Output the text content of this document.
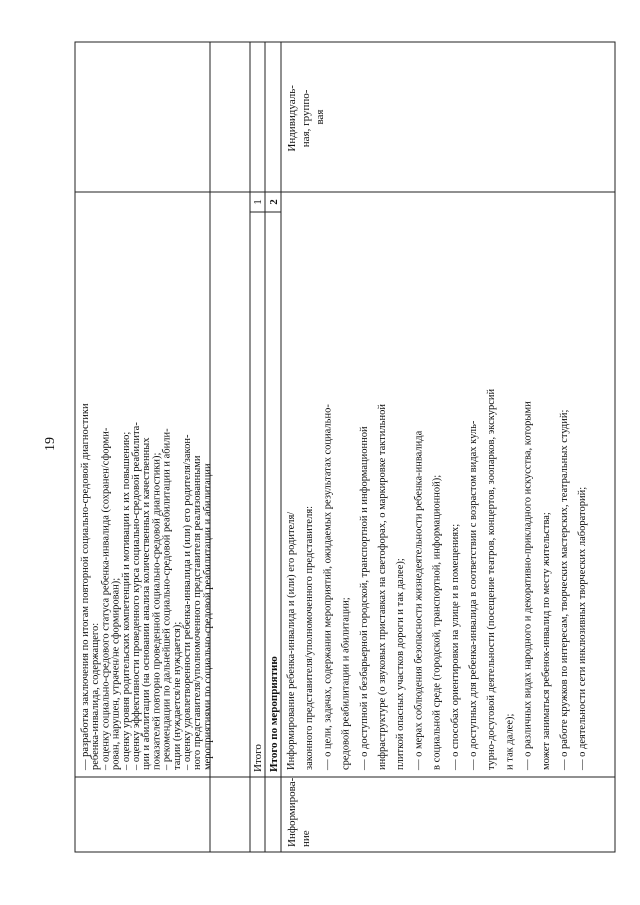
19 — разработка заключения по итогам повторной социально-средовой диагностики ребенка-инвалида, содержащего: – оценку социально-средового статуса ребенка-инвалида (сохранен/сформи- рован, нарушен, утрачен/не сформирован); – оценку уровня родительских компетенций и мотивации к их повышению; – оценку эффективности проведенного курса социально-средовой реабилита- ции и абилитации (на основании анализа количественных и качественных показателей повторно проведенной социально-средовой диагностики); – рекомендации по дальнейшей социально-средовой реабилитации и абили- тации (нуждается/не нуждается); – оценку удовлетворенности ребенка-инвалида и (или) его родителя/закон- ного представителя/уполномоченного представителя реализованными мероприятиями по социально-средовой реабилитации и абилитации	Информирование ребенка-инвалида и (или) его родителя/ законного представителя/уполномоченного представителя: — о цели, задачах, содержании мероприятий, ожидаемых результатах социально- средовой реабилитации и абилитации; — о доступной и безбарьерной городской, транспортной и информационной инфраструктуре (о звуковых приставках на светофорах, о маркировке тактильной плиткой опасных участков дороги и так далее); — о мерах соблюдения безопасности жизнедеятельности ребенка-инвалида в социальной среде (городской, транспортной, информационной); — о способах ориентировки на улице и в помещениях; — о доступных для ребенка-инвалида в соответствии с возрастом видах куль- турно-досуговой деятельности (посещение театров, концертов, зоопарков, экскурсий и так далее); — о различных видах народного и декоративно-прикладного искусства, которыми может заниматься ребенок-инвалид по месту жительства; — о работе кружков по интересам, творческих мастерских, театральных студий; — о деятельности сети инклюзивных творческих лабораторий;
Итого
1
Итого по мероприятию
2
Информирова- ние
Индивидуаль- ная, группо- вая
